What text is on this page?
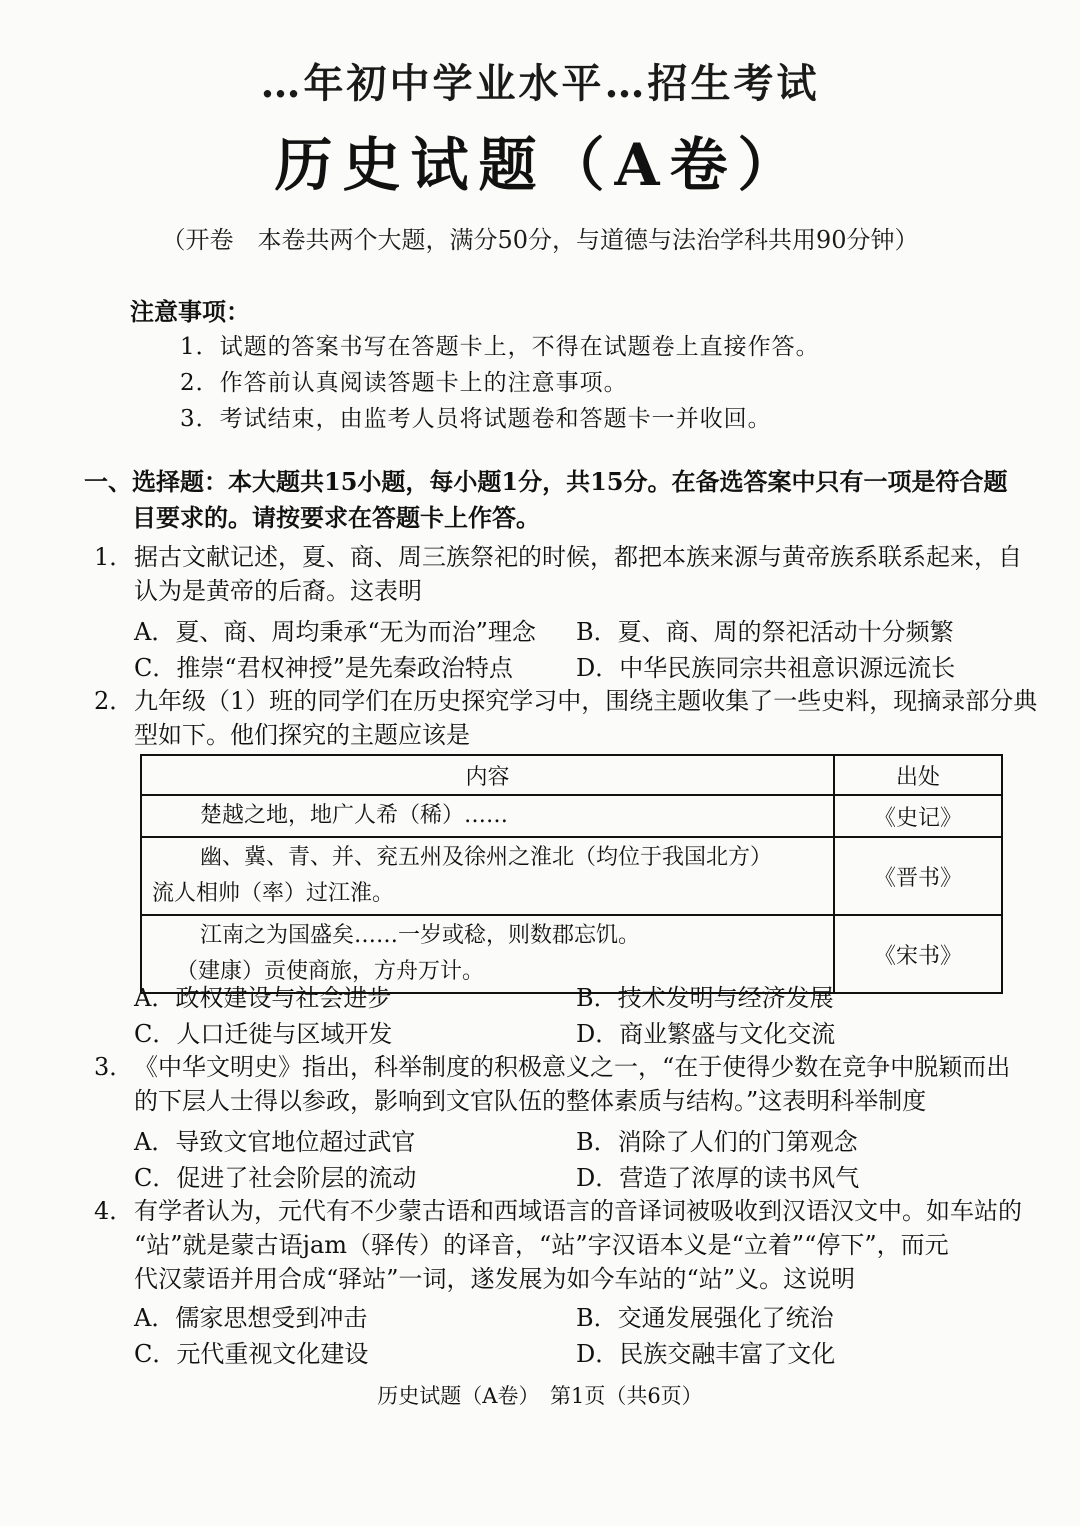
…年初中学业水平…招生考试
历史试题（A卷）
（开卷　本卷共两个大题，满分50分，与道德与法治学科共用90分钟）
注意事项：
1．试题的答案书写在答题卡上，不得在试题卷上直接作答。
2．作答前认真阅读答题卡上的注意事项。
3．考试结束，由监考人员将试题卷和答题卡一并收回。
一、选择题：本大题共15小题，每小题1分，共15分。在备选答案中只有一项是符合题
目要求的。请按要求在答题卡上作答。
1． 据古文献记述，夏、商、周三族祭祀的时候，都把本族来源与黄帝族系联系起来，自
认为是黄帝的后裔。这表明
A．夏、商、周均秉承“无为而治”理念 B．夏、商、周的祭祀活动十分频繁
C．推崇“君权神授”是先秦政治特点	D．中华民族同宗共祖意识源远流长
2． 九年级（1）班的同学们在历史探究学习中，围绕主题收集了一些史料，现摘录部分典
型如下。他们探究的主题应该是
内容	出处

楚越之地，地广人希（稀）……	《史记》

幽、冀、青、并、兖五州及徐州之淮北（均位于我国北方）
流人相帅（率）过江淮。	《晋书》

江南之为国盛矣……一岁或稔，则数郡忘饥。
（建康）贡使商旅，方舟万计。	《宋书》
A．政权建设与社会进步	B．技术发明与经济发展
C．人口迁徙与区域开发	D．商业繁盛与文化交流
3． 《中华文明史》指出，科举制度的积极意义之一，“在于使得少数在竞争中脱颖而出
的下层人士得以参政，影响到文官队伍的整体素质与结构。”这表明科举制度
A．导致文官地位超过武官	B．消除了人们的门第观念
C．促进了社会阶层的流动	D．营造了浓厚的读书风气
4． 有学者认为，元代有不少蒙古语和西域语言的音译词被吸收到汉语汉文中。如车站的
“站”就是蒙古语jam（驿传）的译音，“站”字汉语本义是“立着”“停下”，而元
代汉蒙语并用合成“驿站”一词，遂发展为如今车站的“站”义。这说明
A．儒家思想受到冲击	B．交通发展强化了统治
C．元代重视文化建设	D．民族交融丰富了文化
历史试题（A卷）　第1页（共6页）
